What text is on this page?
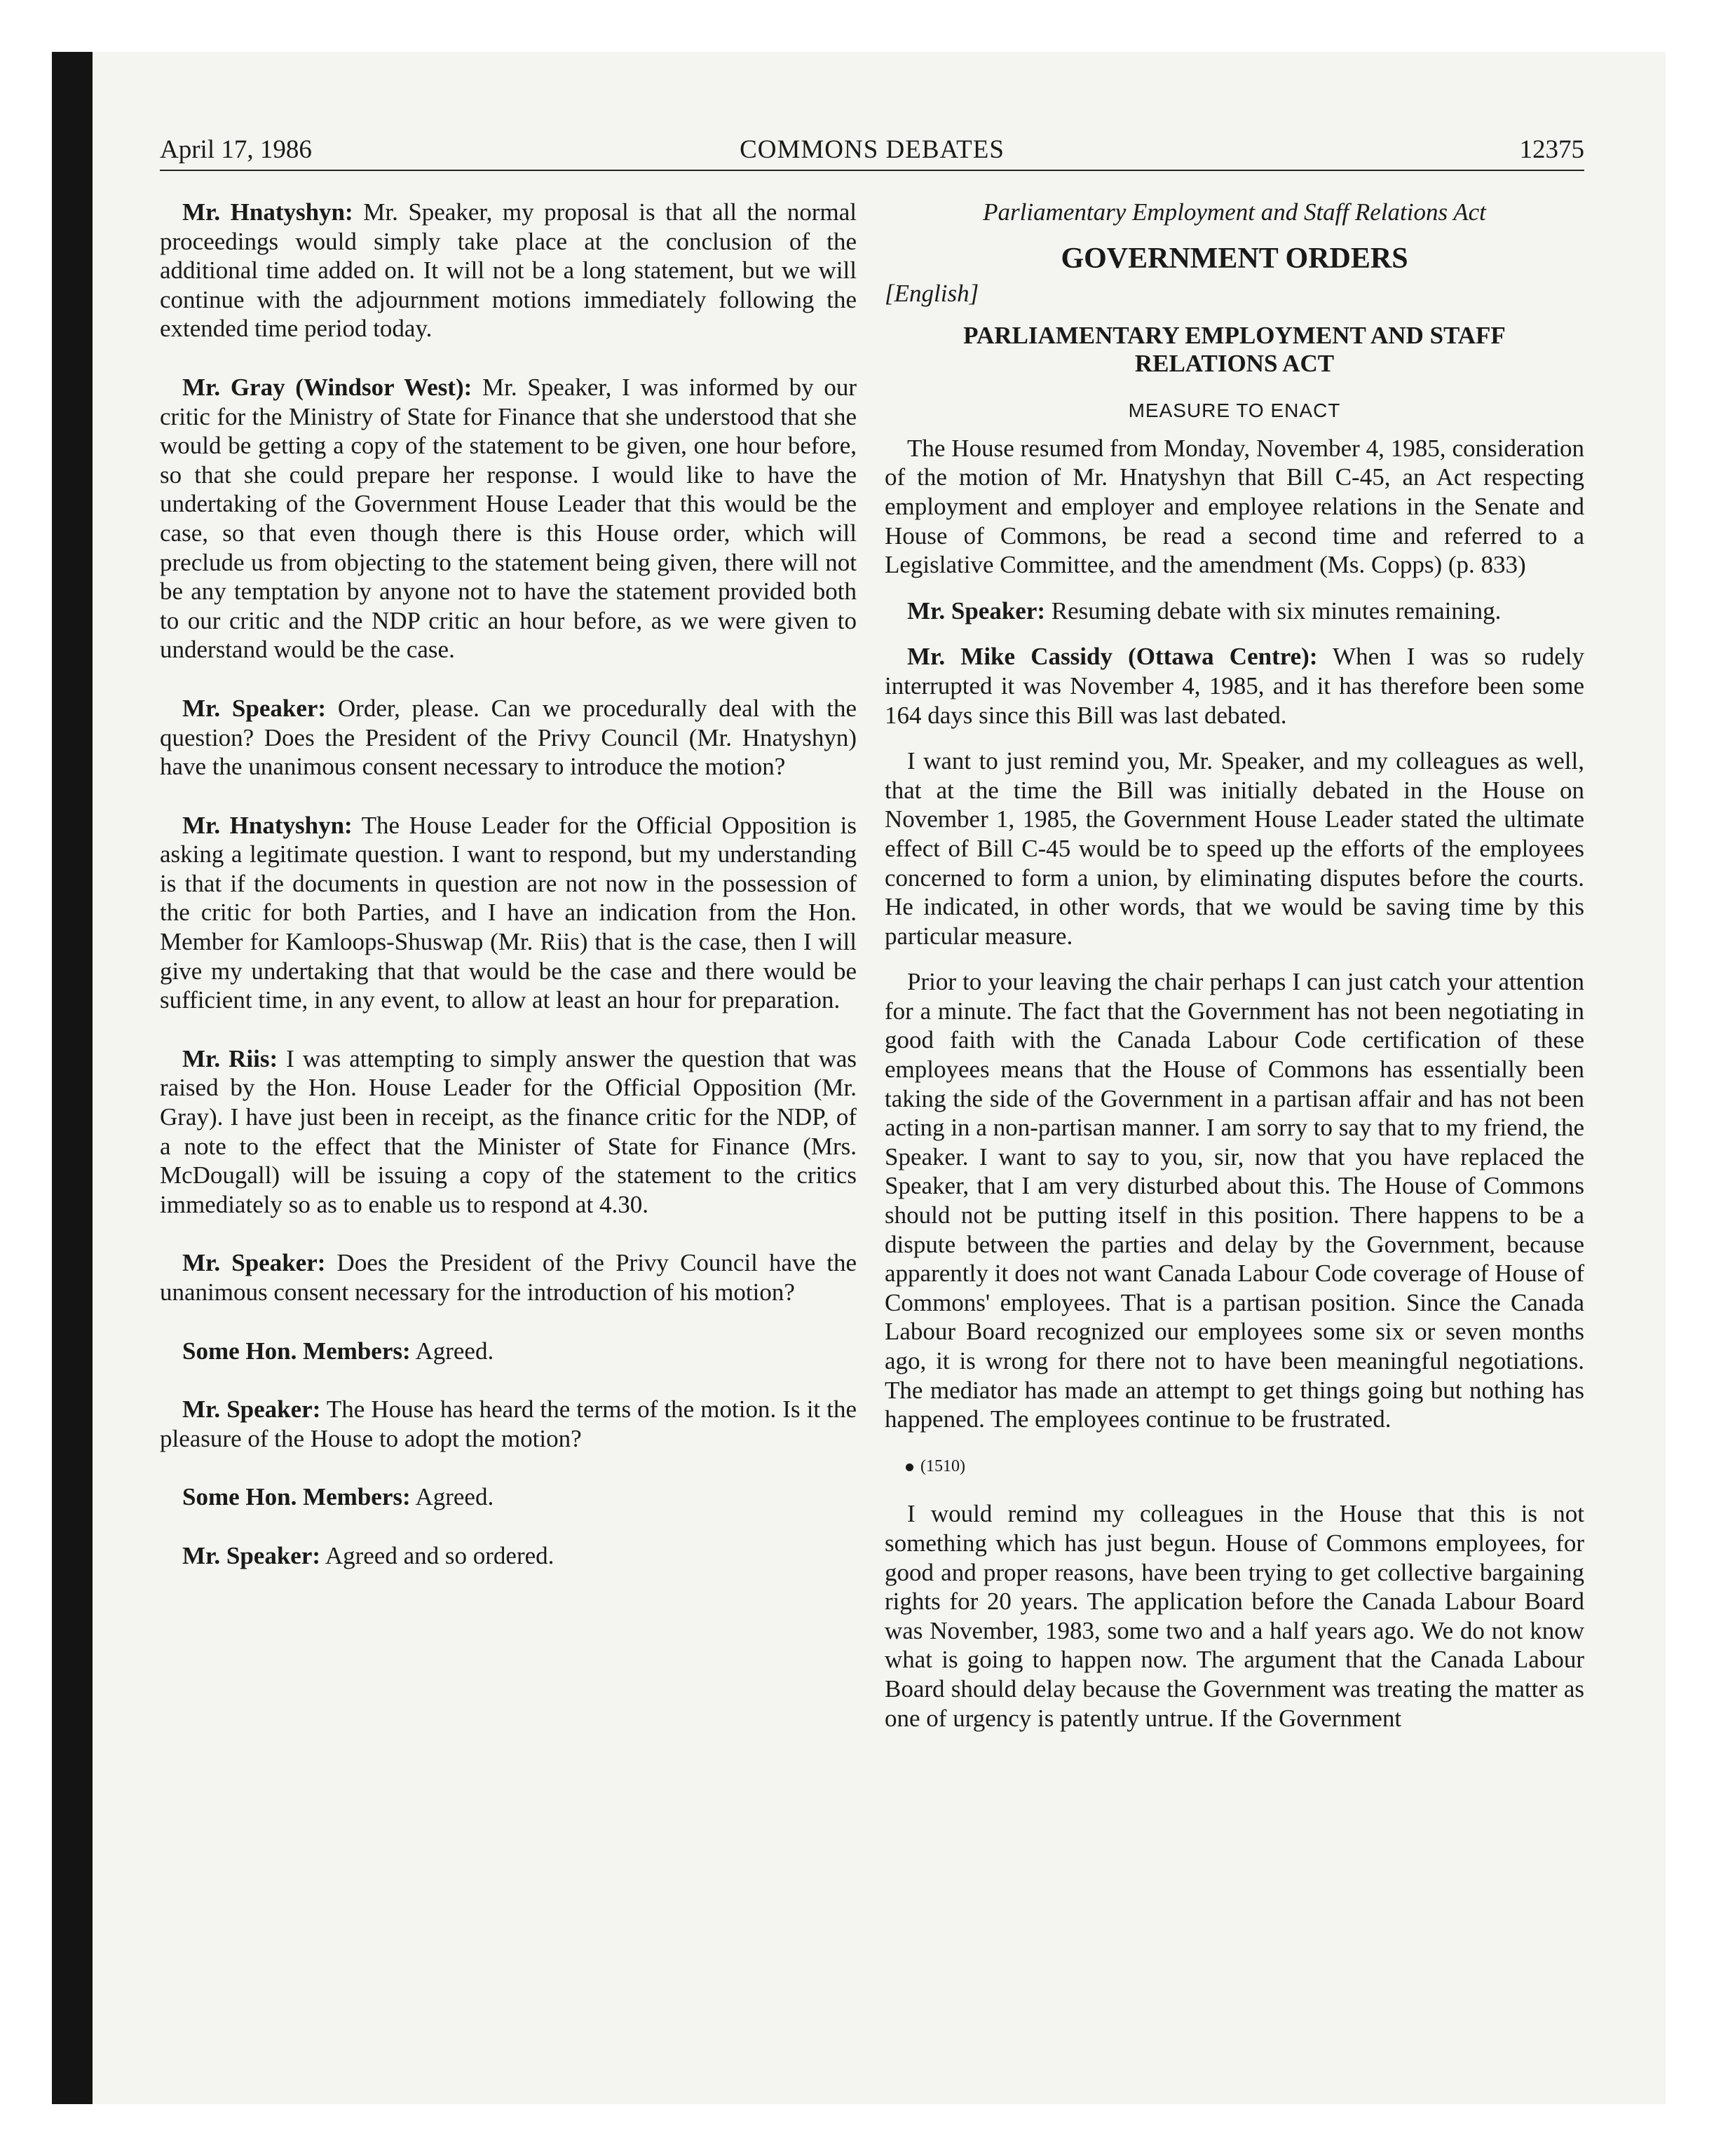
April 17, 1986	COMMONS DEBATES	12375

Mr. Hnatyshyn: Mr. Speaker, my proposal is that all the normal proceedings would simply take place at the conclusion of the additional time added on. It will not be a long statement, but we will continue with the adjournment motions immediately following the extended time period today.

Mr. Gray (Windsor West): Mr. Speaker, I was informed by our critic for the Ministry of State for Finance that she understood that she would be getting a copy of the statement to be given, one hour before, so that she could prepare her response. I would like to have the undertaking of the Government House Leader that this would be the case, so that even though there is this House order, which will preclude us from objecting to the statement being given, there will not be any temptation by anyone not to have the statement provided both to our critic and the NDP critic an hour before, as we were given to understand would be the case.

Mr. Speaker: Order, please. Can we procedurally deal with the question? Does the President of the Privy Council (Mr. Hnatyshyn) have the unanimous consent necessary to introduce the motion?

Mr. Hnatyshyn: The House Leader for the Official Opposition is asking a legitimate question. I want to respond, but my understanding is that if the documents in question are not now in the possession of the critic for both Parties, and I have an indication from the Hon. Member for Kamloops-Shuswap (Mr. Riis) that is the case, then I will give my undertaking that that would be the case and there would be sufficient time, in any event, to allow at least an hour for preparation.

Mr. Riis: I was attempting to simply answer the question that was raised by the Hon. House Leader for the Official Opposition (Mr. Gray). I have just been in receipt, as the finance critic for the NDP, of a note to the effect that the Minister of State for Finance (Mrs. McDougall) will be issuing a copy of the statement to the critics immediately so as to enable us to respond at 4.30.

Mr. Speaker: Does the President of the Privy Council have the unanimous consent necessary for the introduction of his motion?

Some Hon. Members: Agreed.

Mr. Speaker: The House has heard the terms of the motion. Is it the pleasure of the House to adopt the motion?

Some Hon. Members: Agreed.

Mr. Speaker: Agreed and so ordered.

Parliamentary Employment and Staff Relations Act

GOVERNMENT ORDERS

[English]

PARLIAMENTARY EMPLOYMENT AND STAFF
RELATIONS ACT

MEASURE TO ENACT

The House resumed from Monday, November 4, 1985, consideration of the motion of Mr. Hnatyshyn that Bill C-45, an Act respecting employment and employer and employee relations in the Senate and House of Commons, be read a second time and referred to a Legislative Committee, and the amendment (Ms. Copps) (p. 833)

Mr. Speaker: Resuming debate with six minutes remaining.

Mr. Mike Cassidy (Ottawa Centre): When I was so rudely interrupted it was November 4, 1985, and it has therefore been some 164 days since this Bill was last debated.

I want to just remind you, Mr. Speaker, and my colleagues as well, that at the time the Bill was initially debated in the House on November 1, 1985, the Government House Leader stated the ultimate effect of Bill C-45 would be to speed up the efforts of the employees concerned to form a union, by eliminating disputes before the courts. He indicated, in other words, that we would be saving time by this particular measure.

Prior to your leaving the chair perhaps I can just catch your attention for a minute. The fact that the Government has not been negotiating in good faith with the Canada Labour Code certification of these employees means that the House of Commons has essentially been taking the side of the Government in a partisan affair and has not been acting in a non-partisan manner. I am sorry to say that to my friend, the Speaker. I want to say to you, sir, now that you have replaced the Speaker, that I am very disturbed about this. The House of Commons should not be putting itself in this position. There happens to be a dispute between the parties and delay by the Government, because apparently it does not want Canada Labour Code coverage of House of Commons' employees. That is a partisan position. Since the Canada Labour Board recognized our employees some six or seven months ago, it is wrong for there not to have been meaningful negotiations. The mediator has made an attempt to get things going but nothing has happened. The employees continue to be frustrated.

(1510)

I would remind my colleagues in the House that this is not something which has just begun. House of Commons employees, for good and proper reasons, have been trying to get collective bargaining rights for 20 years. The application before the Canada Labour Board was November, 1983, some two and a half years ago. We do not know what is going to happen now. The argument that the Canada Labour Board should delay because the Government was treating the matter as one of urgency is patently untrue. If the Government
